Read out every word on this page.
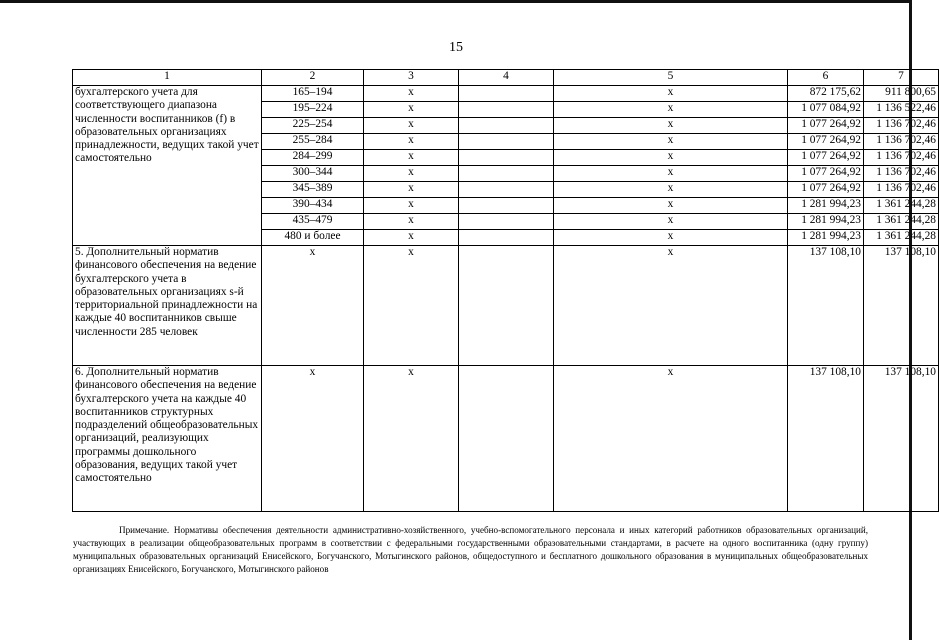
15
1	2	3	4	5	6	7
бухгалтерского учета для соответствующего диапазона численности воспитанников (f) в образовательных организациях принадлежности, ведущих такой учет самостоятельно	165–194	x		x	872 175,62	911 800,65
	195–224	x		x	1 077 084,92	1 136 522,46
	225–254	x		x	1 077 264,92	1 136 702,46
	255–284	x		x	1 077 264,92	1 136 702,46
	284–299	x		x	1 077 264,92	1 136 702,46
	300–344	x		x	1 077 264,92	1 136 702,46
	345–389	x		x	1 077 264,92	1 136 702,46
	390–434	x		x	1 281 994,23	1 361 244,28
	435–479	x		x	1 281 994,23	1 361 244,28
	480 и более	x		x	1 281 994,23	1 361 244,28
5. Дополнительный норматив финансового обеспечения на ведение бухгалтерского учета в образовательных организациях s-й территориальной принадлежности на каждые 40 воспитанников свыше численности 285 человек	x	x		x	137 108,10	137 108,10
6. Дополнительный норматив финансового обеспечения на ведение бухгалтерского учета на каждые 40 воспитанников структурных подразделений общеобразовательных организаций, реализующих программы дошкольного образования, ведущих такой учет самостоятельно	x	x		x	137 108,10	137 108,10
Примечание. Нормативы обеспечения деятельности административно-хозяйственного, учебно-вспомогательного персонала и иных категорий работников образовательных организаций, участвующих в реализации общеобразовательных программ в соответствии с федеральными государственными образовательными стандартами, в расчете на одного воспитанника (одну группу) муниципальных образовательных организаций Енисейского, Богучанского, Мотыгинского районов, общедоступного и бесплатного дошкольного образования в муниципальных общеобразовательных организациях Енисейского, Богучанского, Мотыгинского районов
